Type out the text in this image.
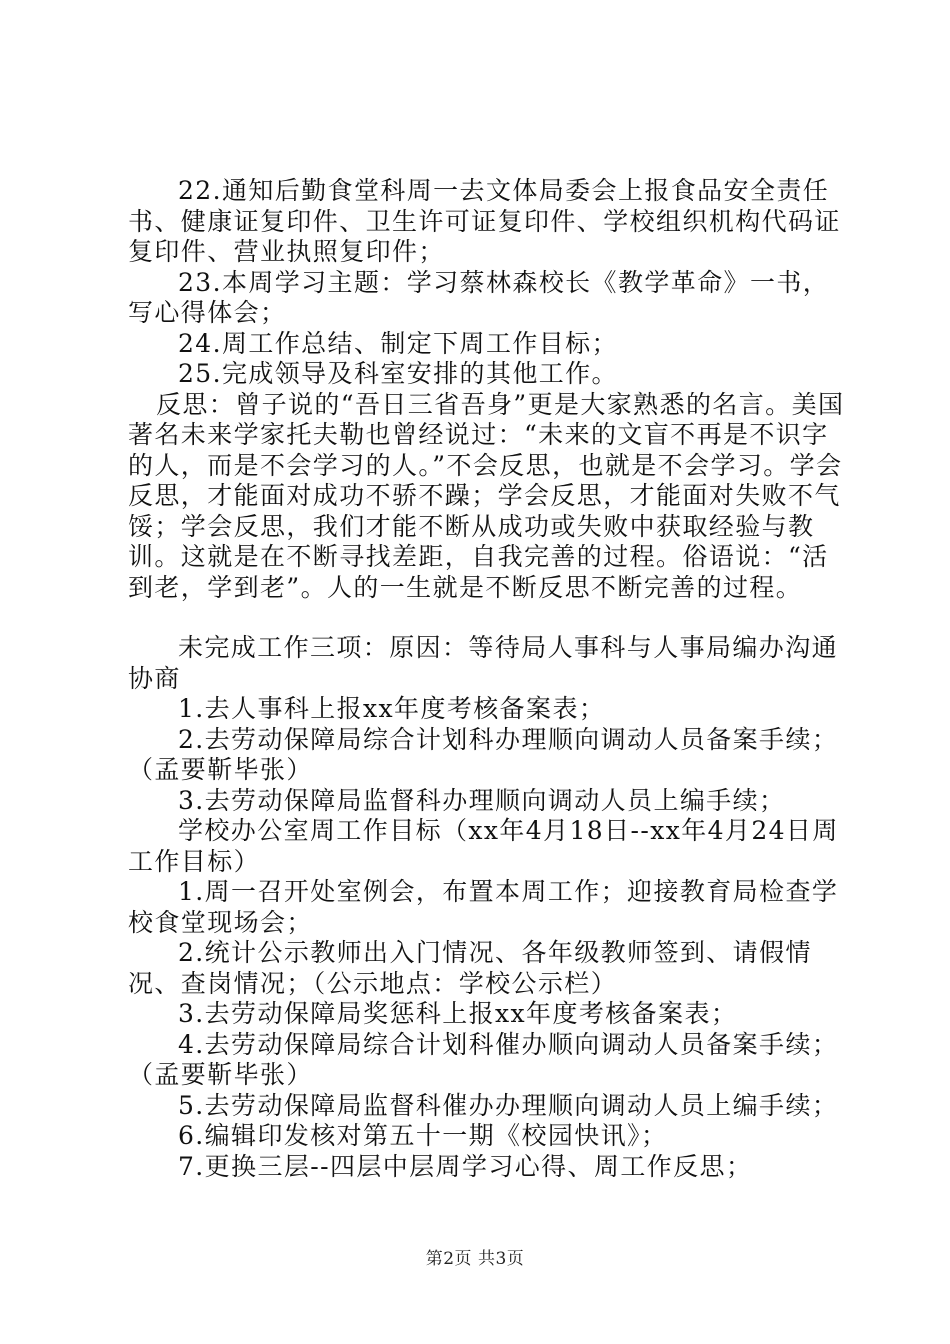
22.通知后勤食堂科周一去文体局委会上报食品安全责任书、健康证复印件、卫生许可证复印件、学校组织机构代码证复印件、营业执照复印件；

23.本周学习主题：学习蔡林森校长《教学革命》一书，写心得体会；

24.周工作总结、制定下周工作目标；

25.完成领导及科室安排的其他工作。

反思：曾子说的“吾日三省吾身”更是大家熟悉的名言。美国著名未来学家托夫勒也曾经说过：“未来的文盲不再是不识字的人，而是不会学习的人。”不会反思，也就是不会学习。学会反思，才能面对成功不骄不躁；学会反思，才能面对失败不气馁；学会反思，我们才能不断从成功或失败中获取经验与教训。这就是在不断寻找差距，自我完善的过程。俗语说：“活到老，学到老”。人的一生就是不断反思不断完善的过程。

未完成工作三项：原因：等待局人事科与人事局编办沟通协商

1.去人事科上报xx年度考核备案表；

2.去劳动保障局综合计划科办理顺向调动人员备案手续；（孟要靳毕张）

3.去劳动保障局监督科办理顺向调动人员上编手续；

学校办公室周工作目标（xx年4月18日--xx年4月24日周工作目标）

1.周一召开处室例会，布置本周工作；迎接教育局检查学校食堂现场会；

2.统计公示教师出入门情况、各年级教师签到、请假情况、查岗情况；（公示地点：学校公示栏）

3.去劳动保障局奖惩科上报xx年度考核备案表；

4.去劳动保障局综合计划科催办顺向调动人员备案手续；（孟要靳毕张）

5.去劳动保障局监督科催办办理顺向调动人员上编手续；

6.编辑印发核对第五十一期《校园快讯》；

7.更换三层--四层中层周学习心得、周工作反思；

第2页 共3页
